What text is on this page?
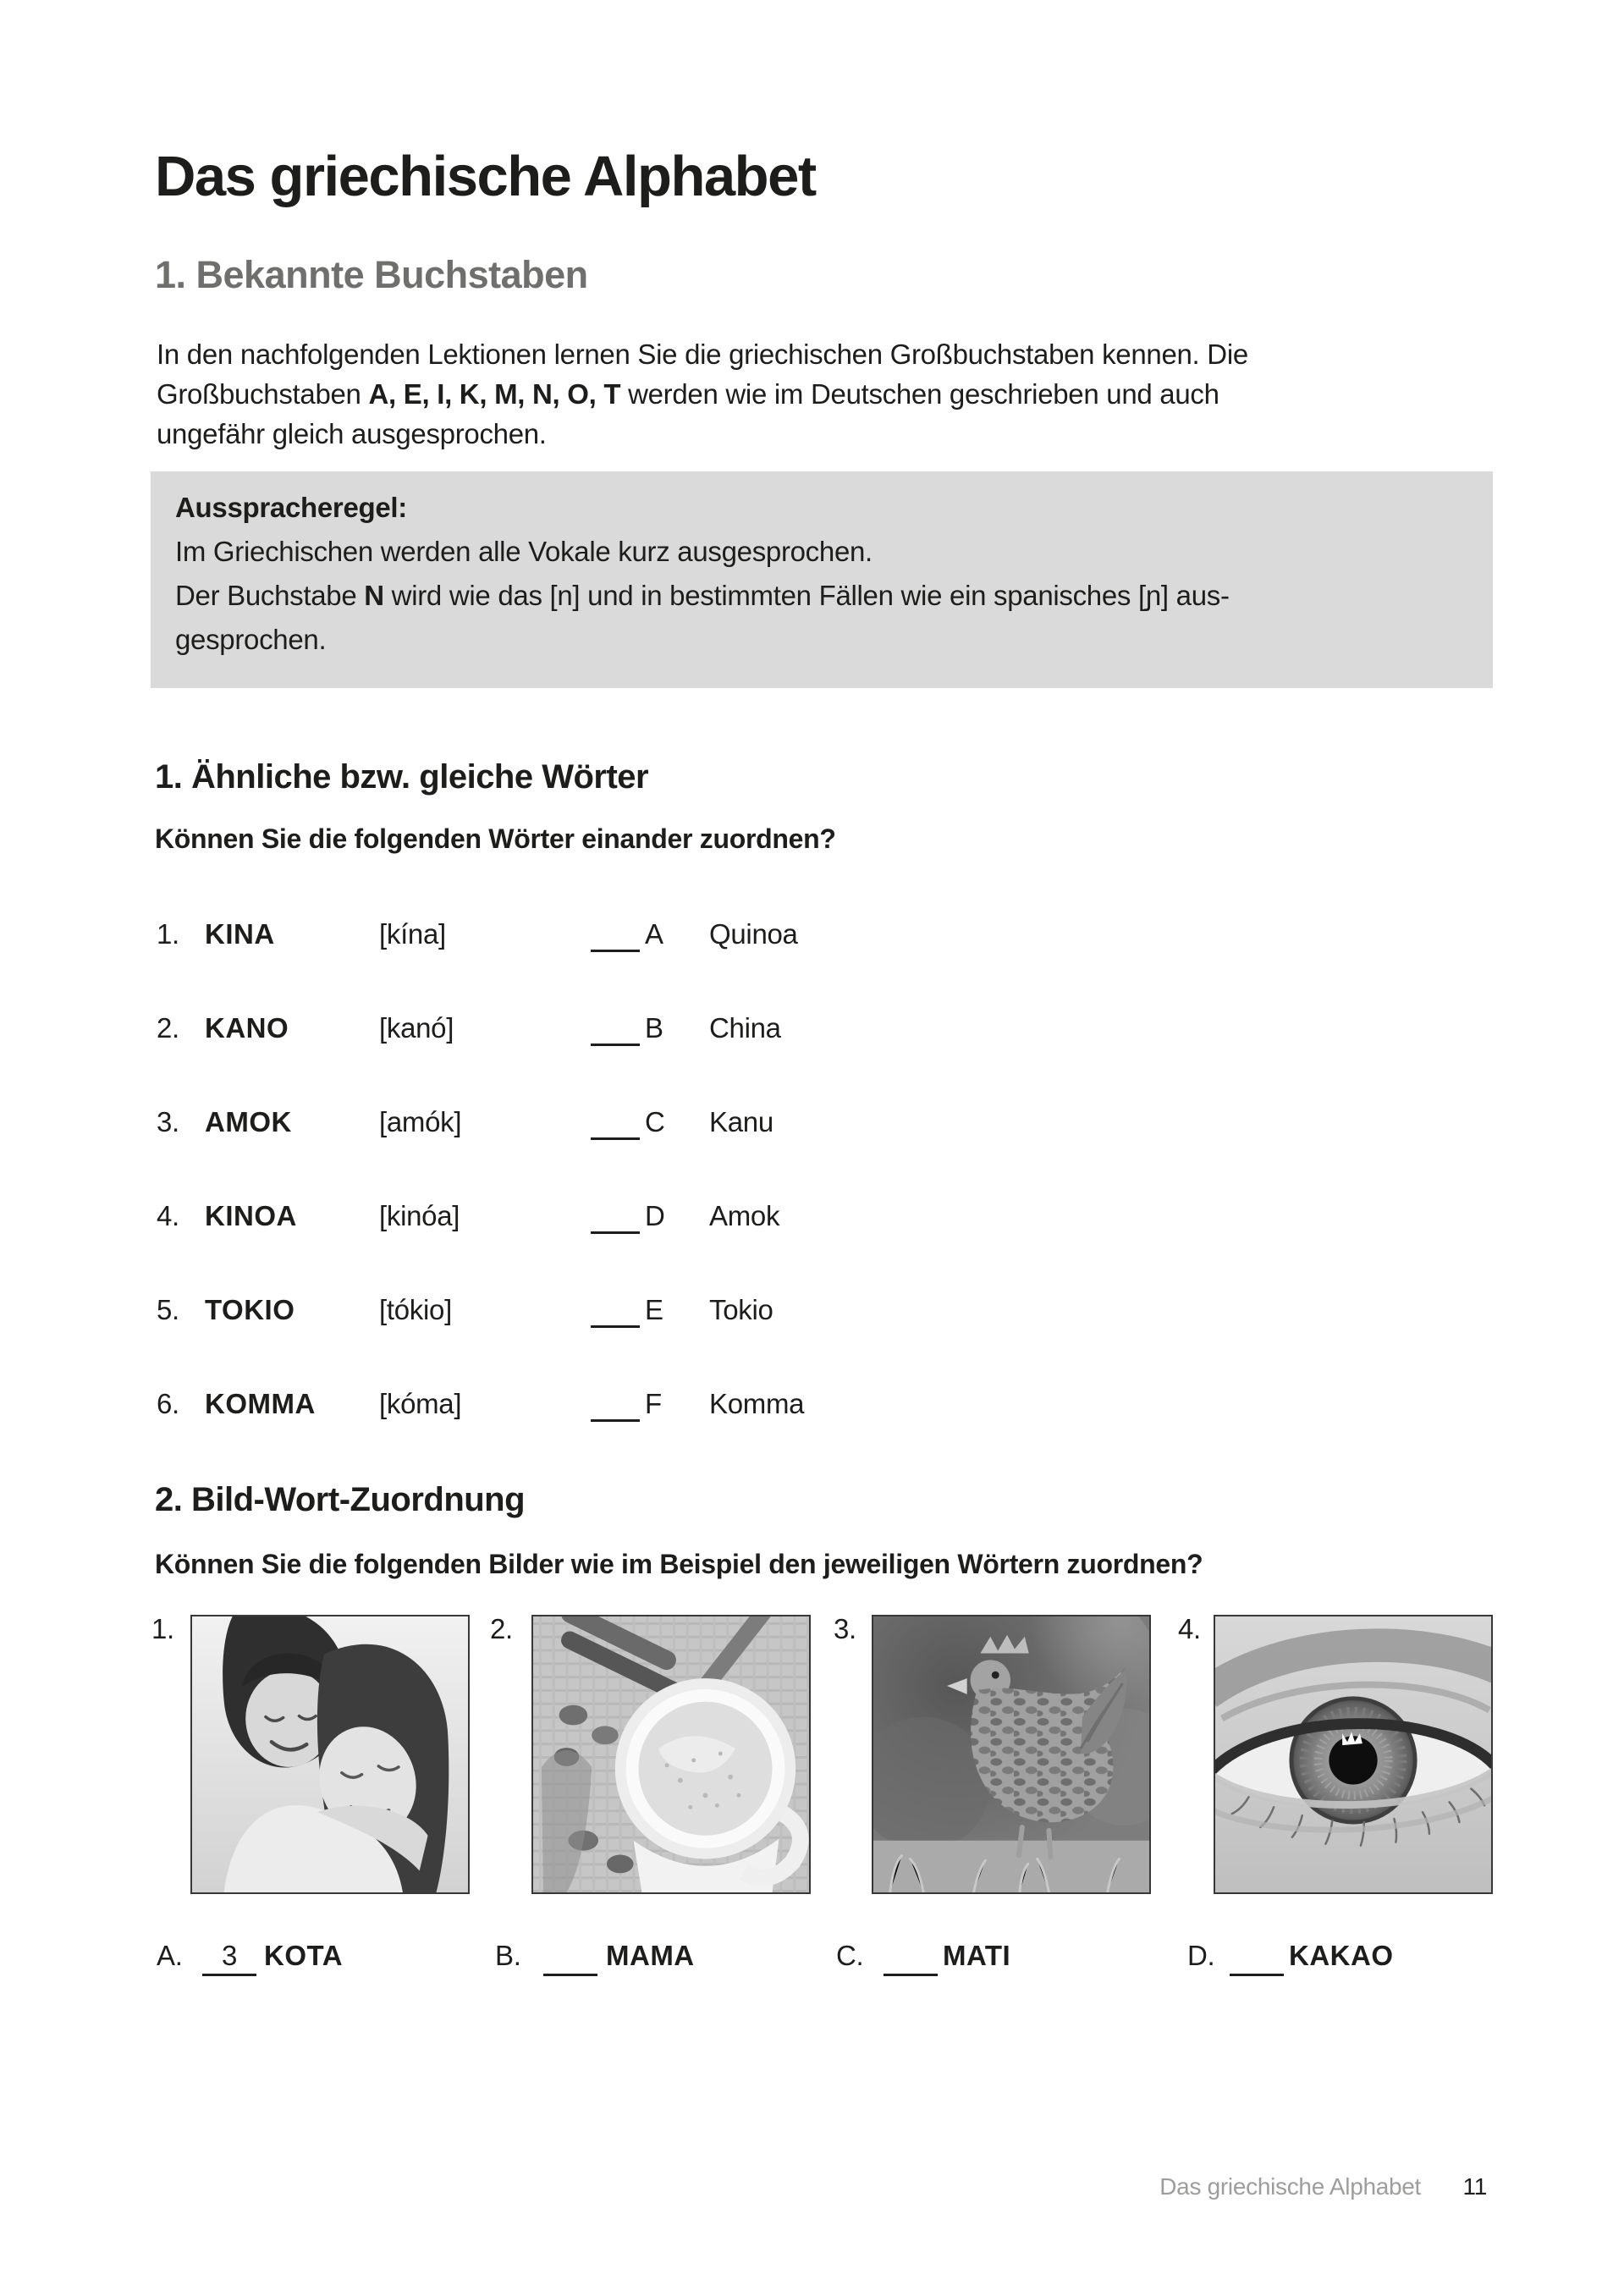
Das griechische Alphabet
1. Bekannte Buchstaben
In den nachfolgenden Lektionen lernen Sie die griechischen Großbuchstaben kennen. Die
Großbuchstaben A, E, I, K, M, N, O, T werden wie im Deutschen geschrieben und auch
ungefähr gleich ausgesprochen.
Ausspracheregel:
Im Griechischen werden alle Vokale kurz ausgesprochen.
Der Buchstabe N wird wie das [n] und in bestimmten Fällen wie ein spanisches [ɲ] aus-
gesprochen.
1. Ähnliche bzw. gleiche Wörter
Können Sie die folgenden Wörter einander zuordnen?
1. KINA	[kína]	A Quinoa
2. KANO	[kanó]	B China
3. AMOK	[amók]	C Kanu
4. KINOA	[kinóa]	D Amok
5. TOKIO	[tókio]	E Tokio
6. KOMMA [kóma]	F Komma
2. Bild-Wort-Zuordnung
Können Sie die folgenden Bilder wie im Beispiel den jeweiligen Wörtern zuordnen?
1.	2.	3.	4.
A.	3 KOTA	B.	MAMA	C.	MATI	D.	KAKAO
Das griechische Alphabet 11
